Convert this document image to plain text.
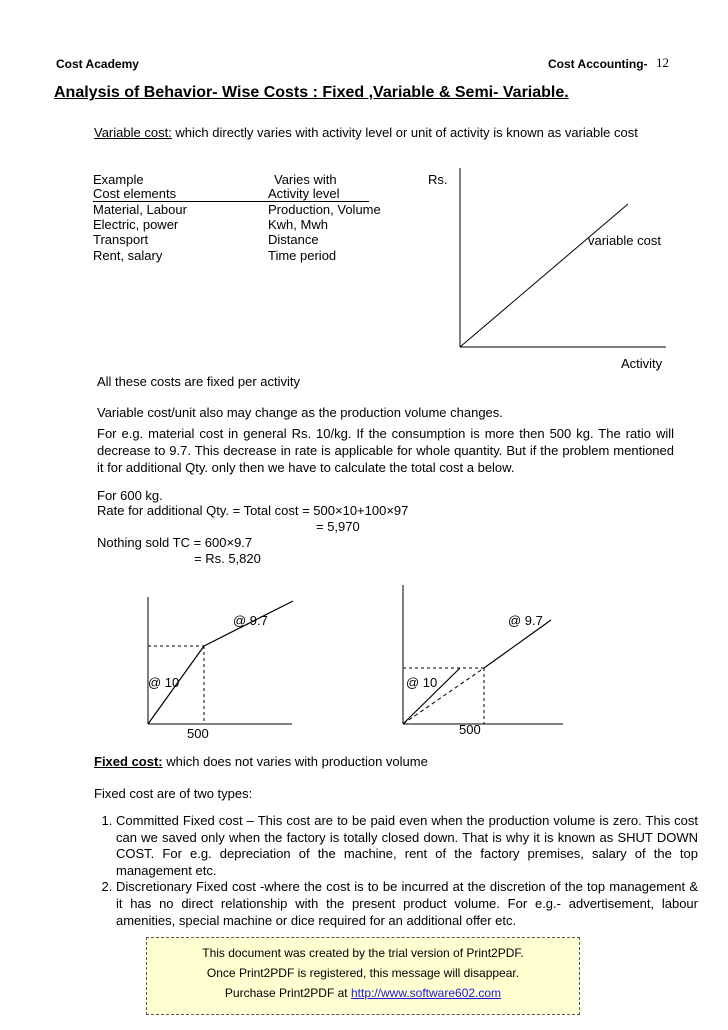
Cost Academy	Cost Accounting- 12
Analysis of Behavior- Wise Costs : Fixed ,Variable & Semi- Variable.
Variable cost: which directly varies with activity level or unit of activity is known as variable cost
Example	Varies with
Cost elements	Activity level
Material, Labour	Production, Volume
Electric, power	Kwh, Mwh
Transport	Distance
Rent, salary	Time period
Rs.
Activity
variable cost
All these costs are fixed per activity
Variable cost/unit also may change as the production volume changes.
For e.g. material cost in general Rs. 10/kg. If the consumption is more then 500 kg. The ratio will decrease to 9.7. This decrease in rate is applicable for whole quantity. But if the problem mentioned it for additional Qty. only then we have to calculate the total cost a below.
For 600 kg.
Rate for additional Qty. = Total cost = 500×10+100×97
= 5,970
Nothing sold TC = 600×9.7
= Rs. 5,820
@ 9.7
@ 10
500
@ 9.7
@ 10
500
Fixed cost: which does not varies with production volume
Fixed cost are of two types:
1. Committed Fixed cost – This cost are to be paid even when the production volume is zero. This cost can we saved only when the factory is totally closed down. That is why it is known as SHUT DOWN COST. For e.g. depreciation of the machine, rent of the factory premises, salary of the top management etc.
2. Discretionary Fixed cost -where the cost is to be incurred at the discretion of the top management & it has no direct relationship with the present product volume. For e.g.- advertisement, labour amenities, special machine or dice required for an additional offer etc.
This document was created by the trial version of Print2PDF.
Once Print2PDF is registered, this message will disappear.
Purchase Print2PDF at http://www.software602.com
